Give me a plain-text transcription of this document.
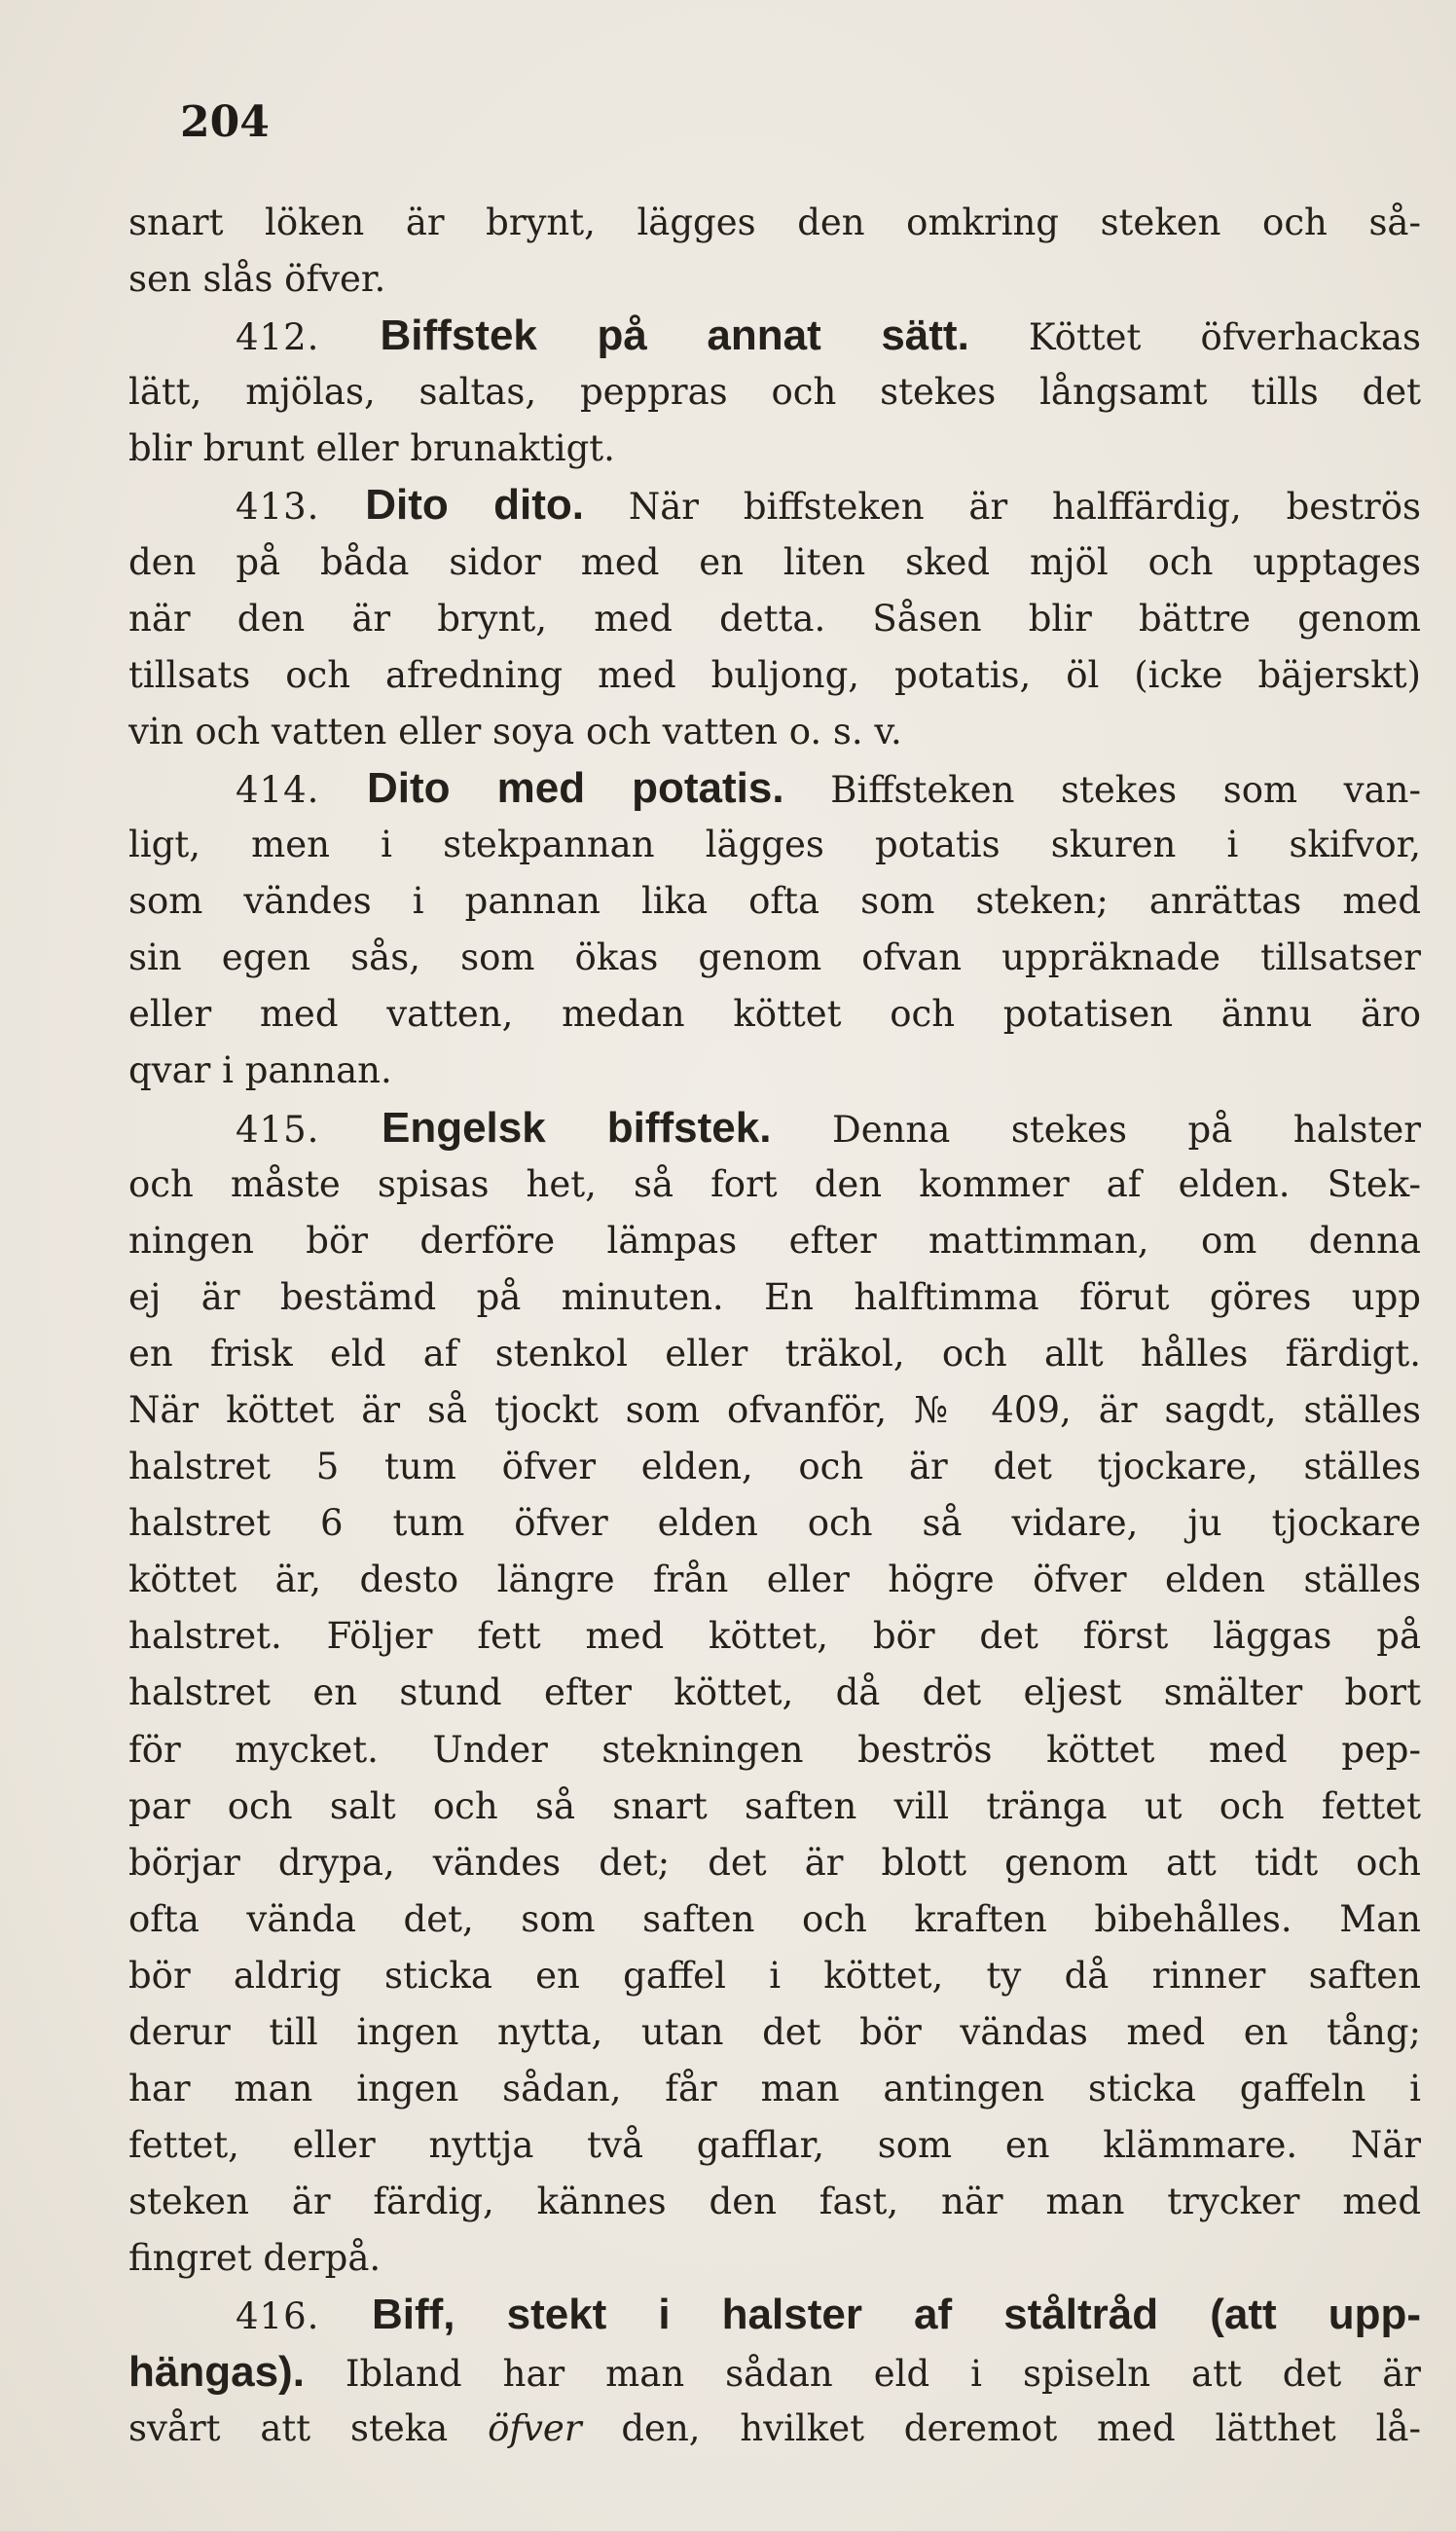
204
snart löken är brynt, lägges den omkring steken och så-
sen slås öfver.
412. Biffstek på annat sätt. Köttet öfverhackas
lätt, mjölas, saltas, peppras och stekes långsamt tills det
blir brunt eller brunaktigt.
413. Dito dito. När biffsteken är halffärdig, beströs
den på båda sidor med en liten sked mjöl och upptages
när den är brynt, med detta. Såsen blir bättre genom
tillsats och afredning med buljong, potatis, öl (icke bäjerskt)
vin och vatten eller soya och vatten o. s. v.
414. Dito med potatis. Biffsteken stekes som van-
ligt, men i stekpannan lägges potatis skuren i skifvor,
som vändes i pannan lika ofta som steken; anrättas med
sin egen sås, som ökas genom ofvan uppräknade tillsatser
eller med vatten, medan köttet och potatisen ännu äro
qvar i pannan.
415. Engelsk biffstek. Denna stekes på halster
och måste spisas het, så fort den kommer af elden. Stek-
ningen bör derföre lämpas efter mattimman, om denna
ej är bestämd på minuten. En halftimma förut göres upp
en frisk eld af stenkol eller träkol, och allt hålles färdigt.
När köttet är så tjockt som ofvanför, № 409, är sagdt, ställes
halstret 5 tum öfver elden, och är det tjockare, ställes
halstret 6 tum öfver elden och så vidare, ju tjockare
köttet är, desto längre från eller högre öfver elden ställes
halstret. Följer fett med köttet, bör det först läggas på
halstret en stund efter köttet, då det eljest smälter bort
för mycket. Under stekningen beströs köttet med pep-
par och salt och så snart saften vill tränga ut och fettet
börjar drypa, vändes det; det är blott genom att tidt och
ofta vända det, som saften och kraften bibehålles. Man
bör aldrig sticka en gaffel i köttet, ty då rinner saften
derur till ingen nytta, utan det bör vändas med en tång;
har man ingen sådan, får man antingen sticka gaffeln i
fettet, eller nyttja två gafflar, som en klämmare. När
steken är färdig, kännes den fast, när man trycker med
fingret derpå.
416. Biff, stekt i halster af ståltråd (att upp-
hängas). Ibland har man sådan eld i spiseln att det är
svårt att steka öfver den, hvilket deremot med lätthet lå-
